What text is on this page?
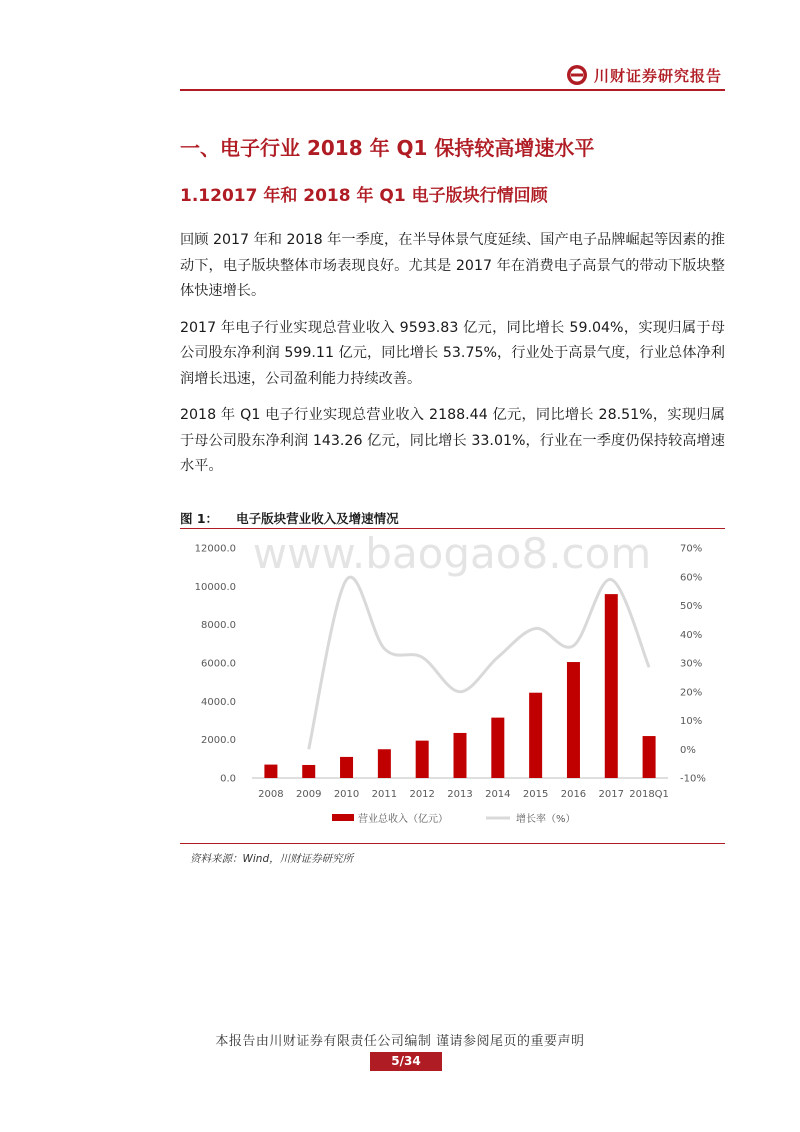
川财证券研究报告
一、电子行业 2018 年 Q1 保持较高增速水平
1.12017 年和 2018 年 Q1 电子版块行情回顾

回顾 2017 年和 2018 年一季度，在半导体景气度延续、国产电子品牌崛起等因素的推动下，电子版块整体市场表现良好。尤其是 2017 年在消费电子高景气的带动下版块整体快速增长。

2017 年电子行业实现总营业收入 9593.83 亿元，同比增长 59.04%，实现归属于母公司股东净利润 599.11 亿元，同比增长 53.75%，行业处于高景气度，行业总体净利润增长迅速，公司盈利能力持续改善。

2018 年 Q1 电子行业实现总营业收入 2188.44 亿元，同比增长 28.51%，实现归属于母公司股东净利润 143.26 亿元，同比增长 33.01%，行业在一季度仍保持较高增速水平。

图 1： 电子版块营业收入及增速情况
www.baogao8.com
0.0
2000.0
4000.0
6000.0
8000.0
10000.0
12000.0
-10%
0%
10%
20%
30%
40%
50%
60%
70%
2008 2009 2010 2011 2012 2013 2014 2015 2016 2017 2018Q1
营业总收入（亿元）	增长率（%）
资料来源：Wind，川财证券研究所
本报告由川财证券有限责任公司编制 谨请参阅尾页的重要声明
5/34
